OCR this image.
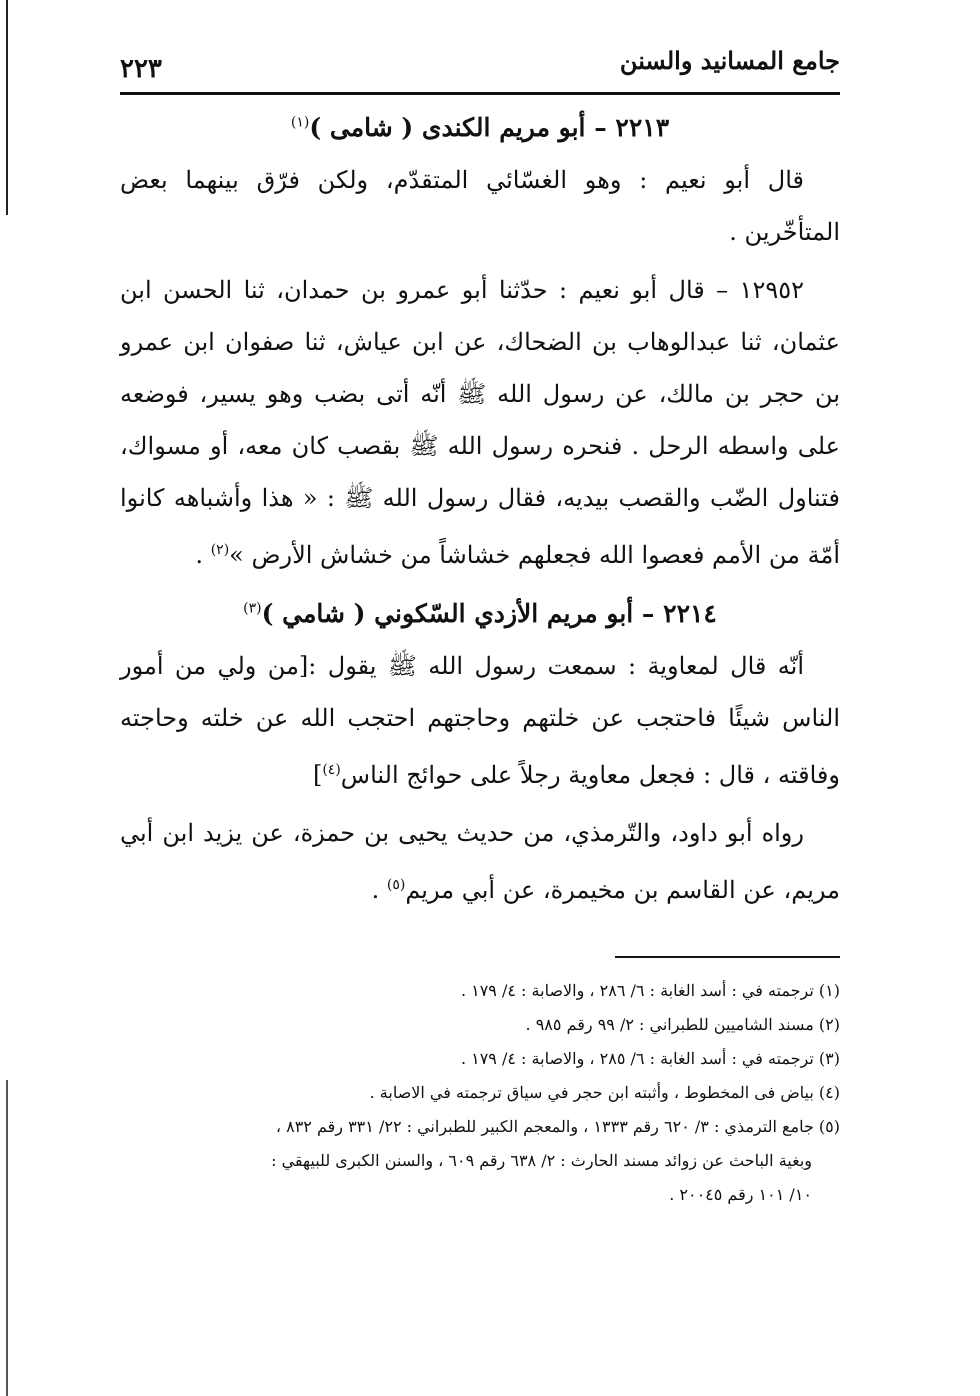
جامع المسانيد والسنن
٢٢٣
٢٢١٣ – أبو مريم الكندى ( شامى )$^{(١)}$

قال أبو نعيم : وهو الغسّائي المتقدّم، ولكن فرّق بينهما بعض المتأخّرين .

١٢٩٥٢ – قال أبو نعيم : حدّثنا أبو عمرو بن حمدان، ثنا الحسن ابن عثمان، ثنا عبدالوهاب بن الضحاك، عن ابن عياش، ثنا صفوان ابن عمرو بن حجر بن مالك، عن رسول الله ﷺ أنّه أتى بضب وهو يسير، فوضعه على واسطه الرحل . فنحره رسول الله ﷺ بقصب كان معه، أو مسواك، فتناول الضّب والقصب بيديه، فقال رسول الله ﷺ : « هذا وأشباهه كانوا أمّة من الأمم فعصوا الله فجعلهم خشاشاً من خشاش الأرض »$^{(٢)}$ .

٢٢١٤ – أبو مريم الأزدي السّكوني ( شامي )$^{(٣)}$

أنّه قال لمعاوية : سمعت رسول الله ﷺ يقول :[من ولي من أمور الناس شيئًا فاحتجب عن خلتهم وحاجتهم احتجب الله عن خلته وحاجته وفاقته ، قال : فجعل معاوية رجلاً على حوائج الناس$^{(٤)}$]

رواه أبو داود، والتّرمذي، من حديث يحيى بن حمزة، عن يزيد ابن أبي مريم، عن القاسم بن مخيمرة، عن أبي مريم$^{(٥)}$ .

(١) ترجمته في : أسد الغابة : ٦/ ٢٨٦ ، والاصابة : ٤/ ١٧٩ .

(٢) مسند الشاميين للطبراني : ٢/ ٩٩ رقم ٩٨٥ .

(٣) ترجمته في : أسد الغابة : ٦/ ٢٨٥ ، والاصابة : ٤/ ١٧٩ .

(٤) بياض فى المخطوط ، وأثبته ابن حجر في سياق ترجمته في الاصابة .

(٥) جامع الترمذي : ٣/ ٦٢٠ رقم ١٣٣٣ ، والمعجم الكبير للطبراني : ٢٢/ ٣٣١ رقم ٨٣٢ ،

وبغية الباحث عن زوائد مسند الحارث : ٢/ ٦٣٨ رقم ٦٠٩ ، والسنن الكبرى للبيهقي :

١٠/ ١٠١ رقم ٢٠٠٤٥ .
